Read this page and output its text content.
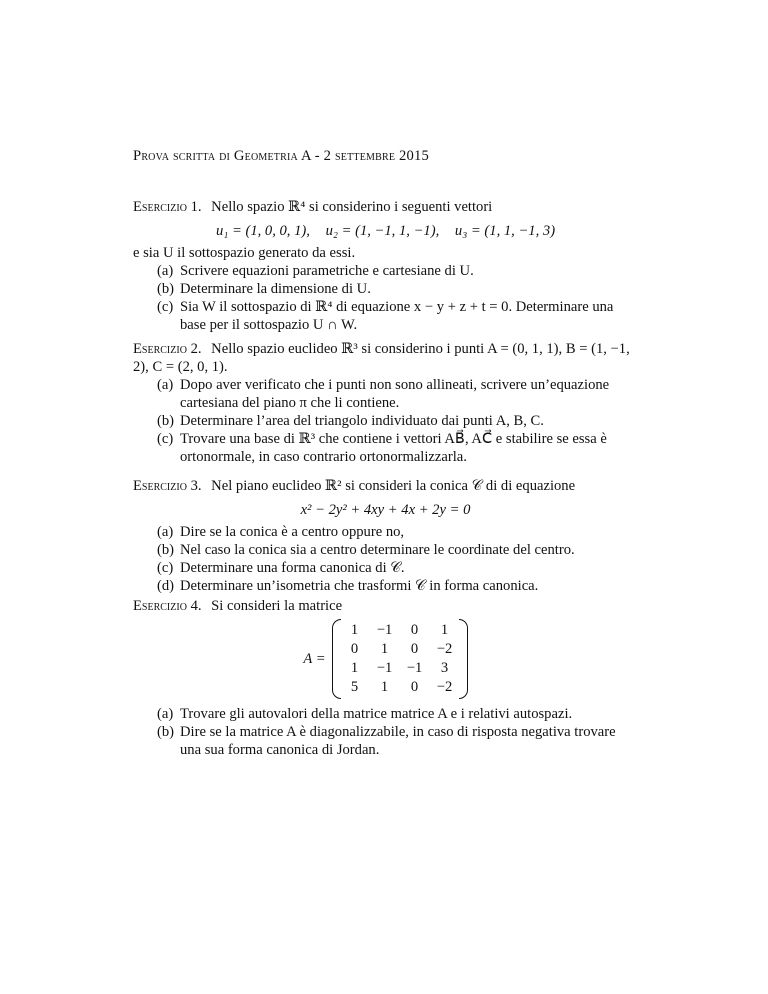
Prova scritta di Geometria A - 2 settembre 2015
Esercizio 1. Nello spazio ℝ⁴ si considerino i seguenti vettori
u₁ = (1, 0, 0, 1), u₂ = (1, −1, 1, −1), u₃ = (1, 1, −1, 3)
e sia U il sottospazio generato da essi.
(a) Scrivere equazioni parametriche e cartesiane di U.
(b) Determinare la dimensione di U.
(c) Sia W il sottospazio di ℝ⁴ di equazione x − y + z + t = 0. Determinare una base per il sottospazio U ∩ W.
Esercizio 2. Nello spazio euclideo ℝ³ si considerino i punti A = (0, 1, 1), B = (1, −1, 2), C = (2, 0, 1).
(a) Dopo aver verificato che i punti non sono allineati, scrivere un’equazione cartesiana del piano π che li contiene.
(b) Determinare l’area del triangolo individuato dai punti A, B, C.
(c) Trovare una base di ℝ³ che contiene i vettori AB⃗, AC⃗ e stabilire se essa è ortonormale, in caso contrario ortonormalizzarla.
Esercizio 3. Nel piano euclideo ℝ² si consideri la conica 𝒞 di di equazione
x² − 2y² + 4xy + 4x + 2y = 0
(a) Dire se la conica è a centro oppure no,
(b) Nel caso la conica sia a centro determinare le coordinate del centro.
(c) Determinare una forma canonica di 𝒞.
(d) Determinare un’isometria che trasformi 𝒞 in forma canonica.
Esercizio 4. Si consideri la matrice
A =
1	−1	0	1
0	1	0	−2
1	−1 −1	3
5	1	0	−2
(a) Trovare gli autovalori della matrice matrice A e i relativi autospazi.
(b) Dire se la matrice A è diagonalizzabile, in caso di risposta negativa trovare una sua forma canonica di Jordan.
